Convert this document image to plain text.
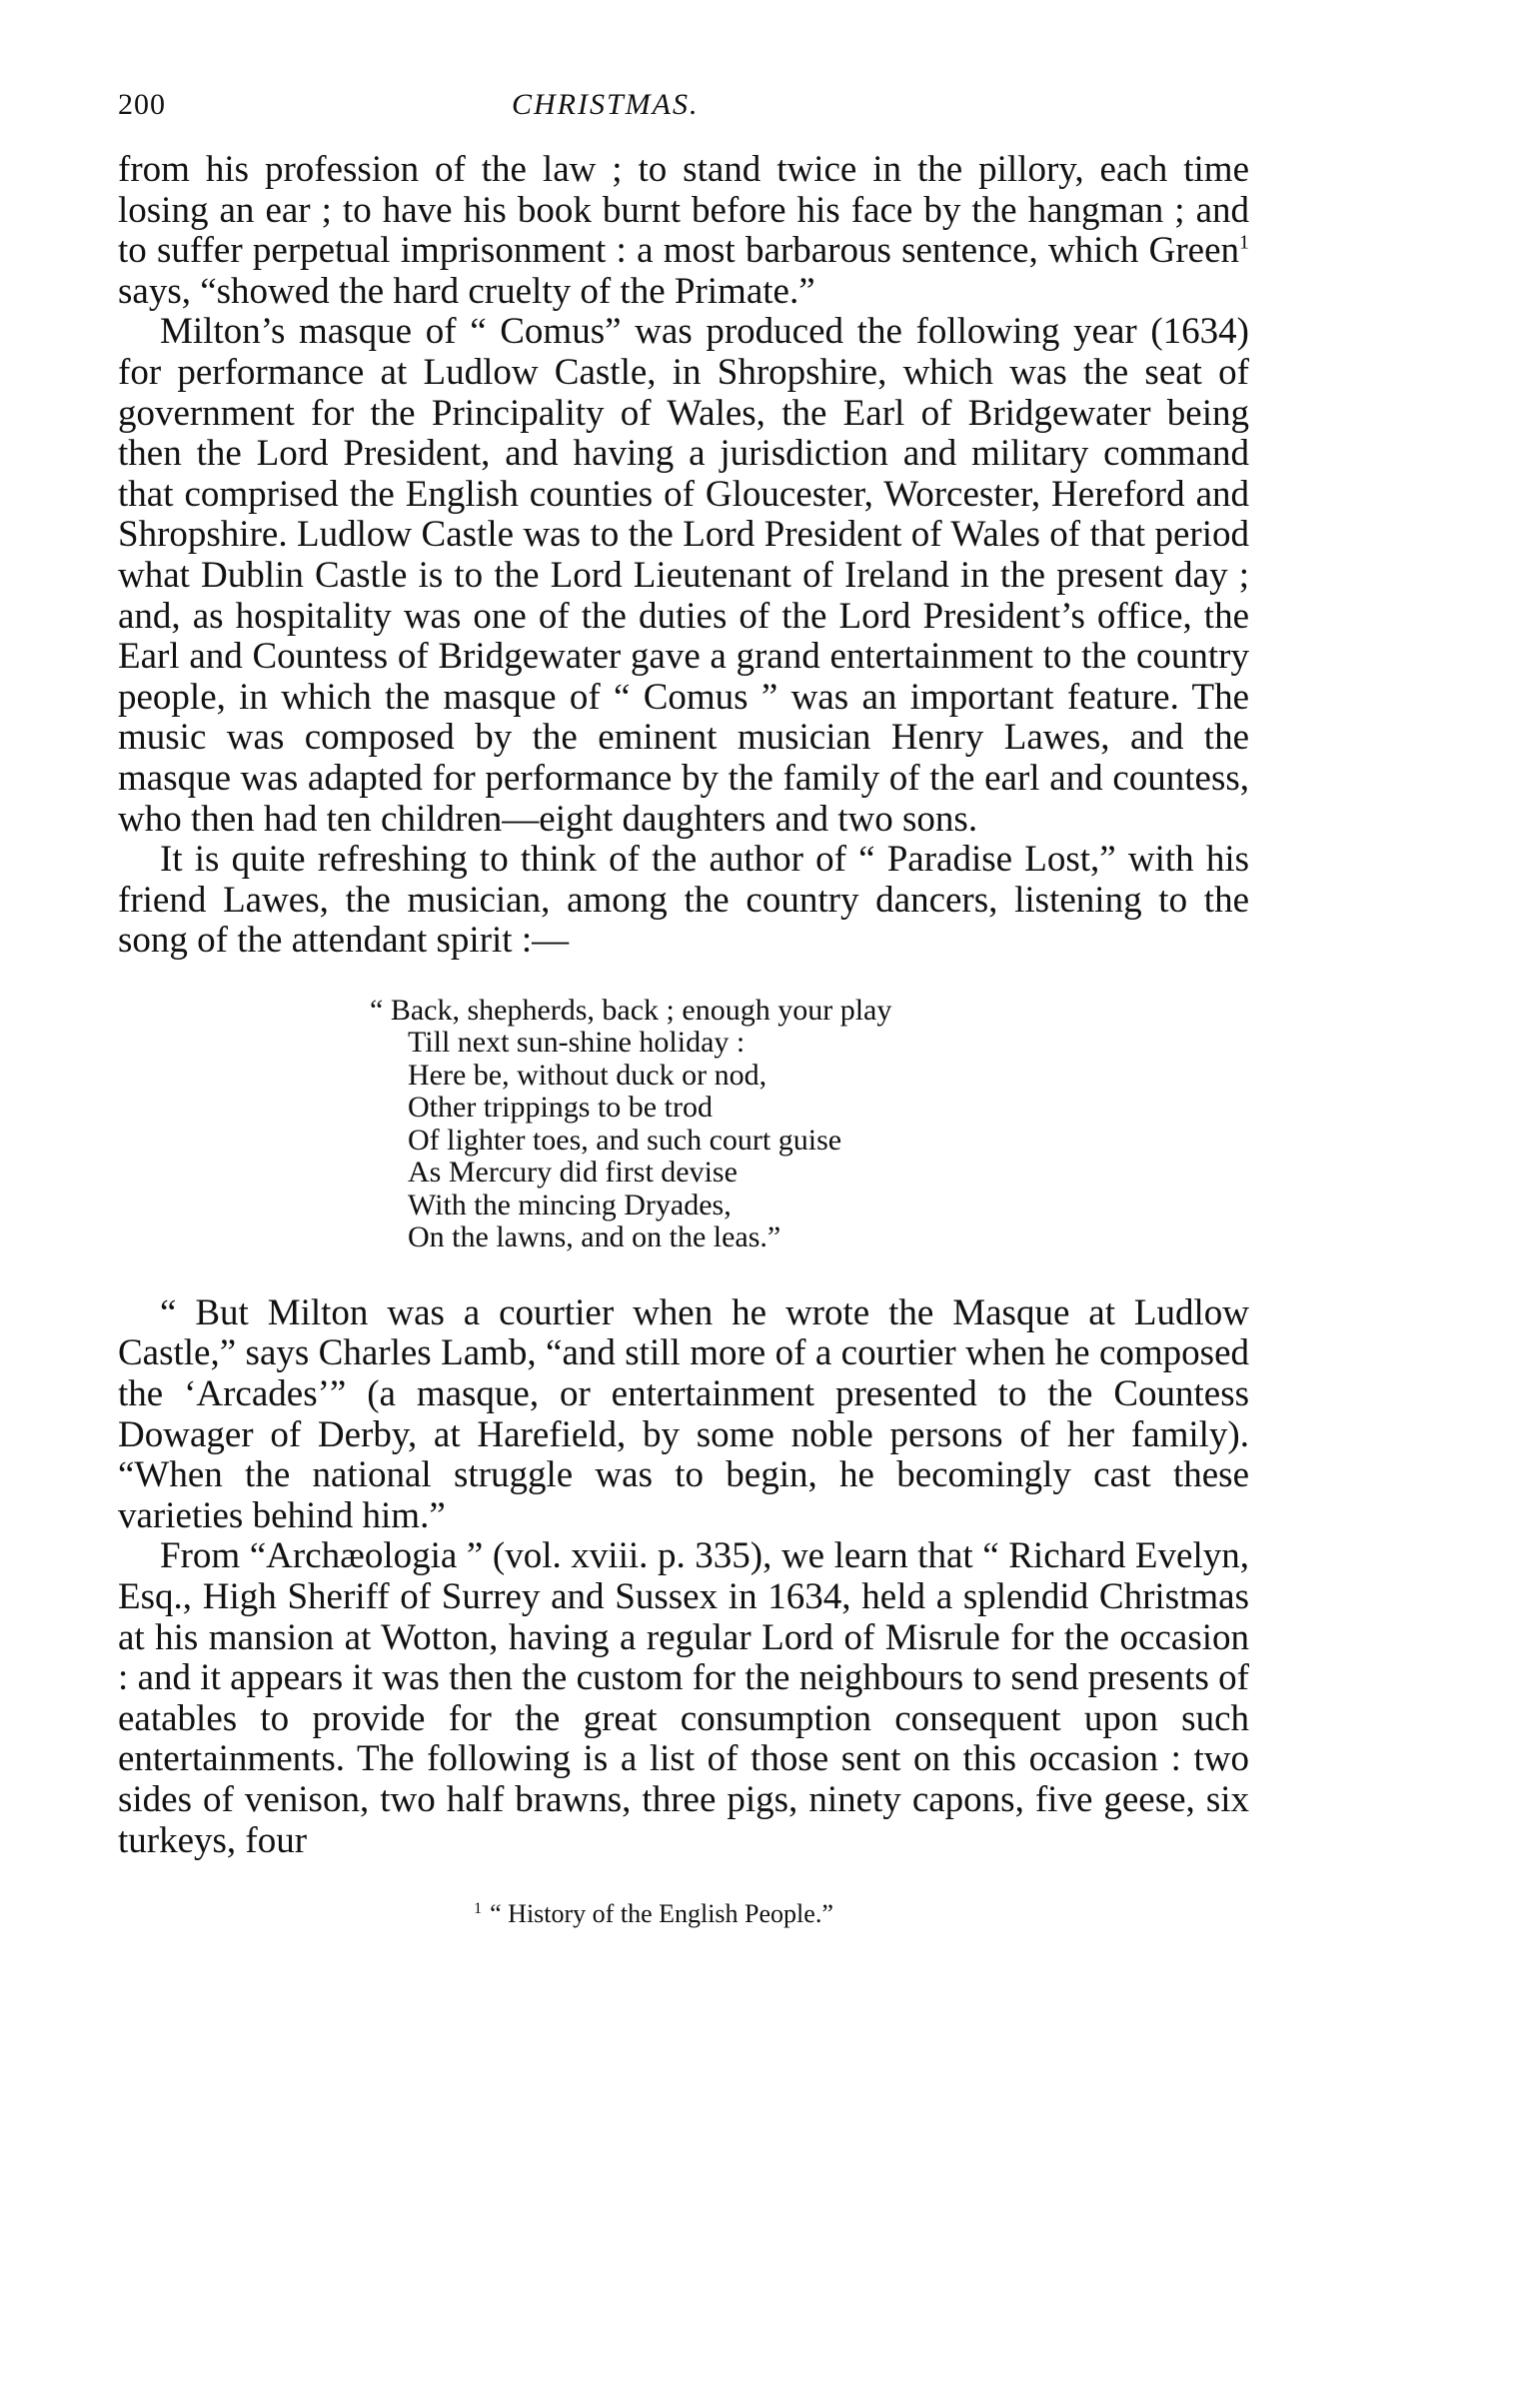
200	CHRISTMAS.

from his profession of the law ; to stand twice in the pillory, each time losing an ear ; to have his book burnt before his face by the hangman ; and to suffer perpetual imprisonment : a most barbarous sentence, which Green$^1$ says, “showed the hard cruelty of the Primate.”

Milton’s masque of “ Comus” was produced the following year (1634) for performance at Ludlow Castle, in Shropshire, which was the seat of government for the Principality of Wales, the Earl of Bridgewater being then the Lord President, and having a jurisdiction and military command that comprised the English counties of Gloucester, Worcester, Hereford and Shropshire. Ludlow Castle was to the Lord President of Wales of that period what Dublin Castle is to the Lord Lieutenant of Ireland in the present day ; and, as hospitality was one of the duties of the Lord President’s office, the Earl and Countess of Bridgewater gave a grand entertainment to the country people, in which the masque of “ Comus ” was an important feature. The music was composed by the eminent musician Henry Lawes, and the masque was adapted for performance by the family of the earl and countess, who then had ten children—eight daughters and two sons.

It is quite refreshing to think of the author of “ Paradise Lost,” with his friend Lawes, the musician, among the country dancers, listening to the song of the attendant spirit :—

“ Back, shepherds, back ; enough your play
Till next sun-shine holiday :
Here be, without duck or nod,
Other trippings to be trod
Of lighter toes, and such court guise
As Mercury did first devise
With the mincing Dryades,
On the lawns, and on the leas.”

“ But Milton was a courtier when he wrote the Masque at Ludlow Castle,” says Charles Lamb, “and still more of a courtier when he composed the ‘Arcades’” (a masque, or entertainment presented to the Countess Dowager of Derby, at Harefield, by some noble persons of her family). “When the national struggle was to begin, he becomingly cast these varieties behind him.”

From “Archæologia ” (vol. xviii. p. 335), we learn that “ Richard Evelyn, Esq., High Sheriff of Surrey and Sussex in 1634, held a splendid Christmas at his mansion at Wotton, having a regular Lord of Misrule for the occasion : and it appears it was then the custom for the neighbours to send presents of eatables to provide for the great consumption consequent upon such entertainments. The following is a list of those sent on this occasion : two sides of venison, two half brawns, three pigs, ninety capons, five geese, six turkeys, four

$^1$ “ History of the English People.”
